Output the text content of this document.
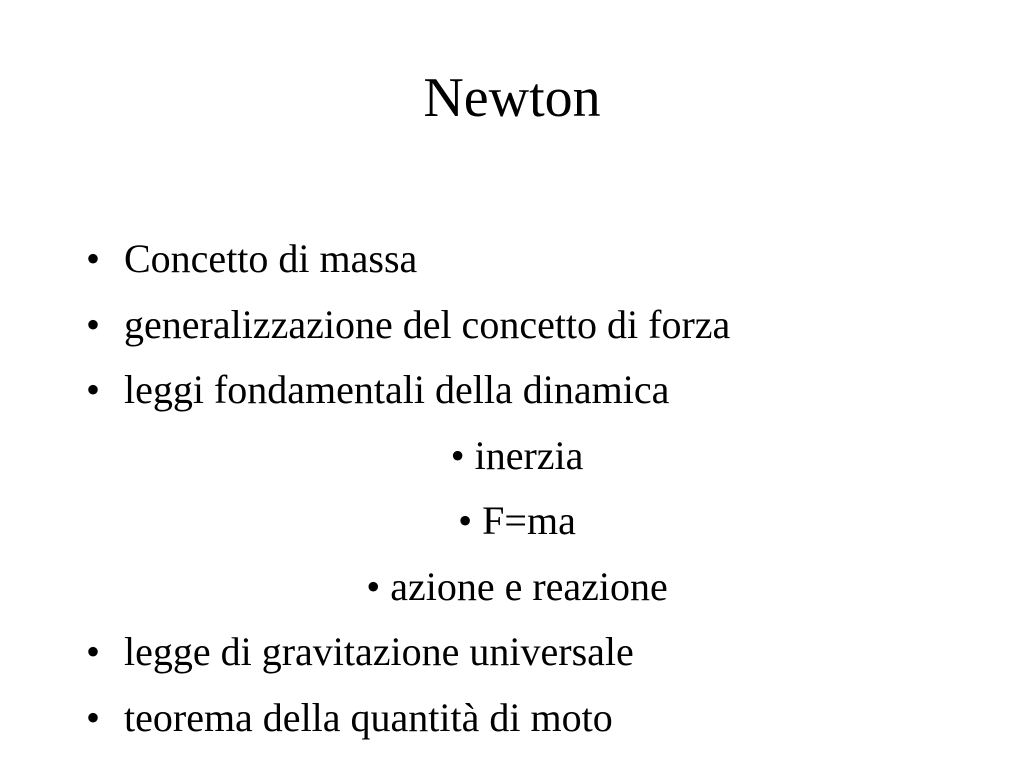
Newton
• Concetto di massa
• generalizzazione del concetto di forza
• leggi fondamentali della dinamica
• inerzia
• F=ma
• azione e reazione
• legge di gravitazione universale
• teorema della quantità di moto
